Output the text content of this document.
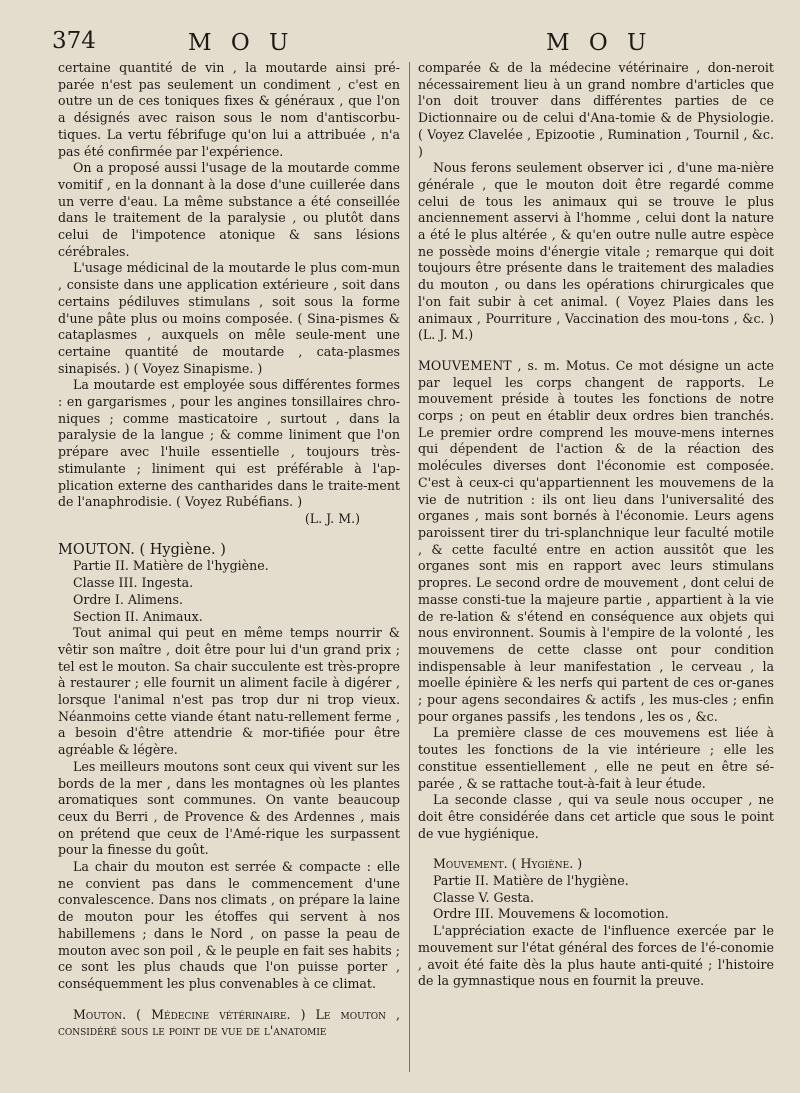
374	M O U	M O U

certaine quantité de vin , la moutarde ainsi pré-parée n'est pas seulement un condiment , c'est en outre un de ces toniques fixes & généraux , que l'on a désignés avec raison sous le nom d'antiscorbu-tiques. La vertu fébrifuge qu'on lui a attribuée , n'a pas été confirmée par l'expérience.

On a proposé aussi l'usage de la moutarde comme vomitif , en la donnant à la dose d'une cuillerée dans un verre d'eau. La même substance a été conseillée dans le traitement de la paralysie , ou plutôt dans celui de l'impotence atonique & sans lésions cérébrales.

L'usage médicinal de la moutarde le plus com-mun , consiste dans une application extérieure , soit dans certains pédiluves stimulans , soit sous la forme d'une pâte plus ou moins composée. ( Sina-pismes & cataplasmes , auxquels on mêle seule-ment une certaine quantité de moutarde , cata-plasmes sinapisés. ) ( Voyez Sinapisme. )

La moutarde est employée sous différentes formes : en gargarismes , pour les angines tonsillaires chro-niques ; comme masticatoire , surtout , dans la paralysie de la langue ; & comme liniment que l'on prépare avec l'huile essentielle , toujours très-stimulante ; liniment qui est préférable à l'ap-plication externe des cantharides dans le traite-ment de l'anaphrodisie. ( Voyez Rubéfians. )

(L. J. M.)

MOUTON. ( Hygiène. )

Partie II. Matière de l'hygiène.

Classe III. Ingesta.

Ordre I. Alimens.

Section II. Animaux.

Tout animal qui peut en même temps nourrir & vêtir son maître , doit être pour lui d'un grand prix ; tel est le mouton. Sa chair succulente est très-propre à restaurer ; elle fournit un aliment facile à digérer , lorsque l'animal n'est pas trop dur ni trop vieux. Néanmoins cette viande étant natu-rellement ferme , a besoin d'être attendrie & mor-tifiée pour être agréable & légère.

Les meilleurs moutons sont ceux qui vivent sur les bords de la mer , dans les montagnes où les plantes aromatiques sont communes. On vante beaucoup ceux du Berri , de Provence & des Ardennes , mais on prétend que ceux de l'Amé-rique les surpassent pour la finesse du goût.

La chair du mouton est serrée & compacte : elle ne convient pas dans le commencement d'une convalescence. Dans nos climats , on prépare la laine de mouton pour les étoffes qui servent à nos habillemens ; dans le Nord , on passe la peau de mouton avec son poil , & le peuple en fait ses habits ; ce sont les plus chauds que l'on puisse porter , conséquemment les plus convenables à ce climat.

Mouton. ( Médecine vétérinaire. ) Le mouton , considéré sous le point de vue de l'anatomie

comparée & de la médecine vétérinaire , don-neroit nécessairement lieu à un grand nombre d'articles que l'on doit trouver dans différentes parties de ce Dictionnaire ou de celui d'Ana-tomie & de Physiologie. ( Voyez Clavelée , Epizootie , Rumination , Tournil , &c. )

Nous ferons seulement observer ici , d'une ma-nière générale , que le mouton doit être regardé comme celui de tous les animaux qui se trouve le plus anciennement asservi à l'homme , celui dont la nature a été le plus altérée , & qu'en outre nulle autre espèce ne possède moins d'énergie vitale ; remarque qui doit toujours être présente dans le traitement des maladies du mouton , ou dans les opérations chirurgicales que l'on fait subir à cet animal. ( Voyez Plaies dans les animaux , Pourriture , Vaccination des mou-tons , &c. ) (L. J. M.)

MOUVEMENT , s. m. Motus. Ce mot désigne un acte par lequel les corps changent de rapports. Le mouvement préside à toutes les fonctions de notre corps ; on peut en établir deux ordres bien tranchés. Le premier ordre comprend les mouve-mens internes qui dépendent de l'action & de la réaction des molécules diverses dont l'économie est composée. C'est à ceux-ci qu'appartiennent les mouvemens de la vie de nutrition : ils ont lieu dans l'universalité des organes , mais sont bornés à l'économie. Leurs agens paroissent tirer du tri-splanchnique leur faculté motile , & cette faculté entre en action aussitôt que les organes sont mis en rapport avec leurs stimulans propres. Le second ordre de mouvement , dont celui de masse consti-tue la majeure partie , appartient à la vie de re-lation & s'étend en conséquence aux objets qui nous environnent. Soumis à l'empire de la volonté , les mouvemens de cette classe ont pour condition indispensable à leur manifestation , le cerveau , la moelle épinière & les nerfs qui partent de ces or-ganes ; pour agens secondaires & actifs , les mus-cles ; enfin pour organes passifs , les tendons , les os , &c.

La première classe de ces mouvemens est liée à toutes les fonctions de la vie intérieure ; elle les constitue essentiellement , elle ne peut en être sé-parée , & se rattache tout-à-fait à leur étude.

La seconde classe , qui va seule nous occuper , ne doit être considérée dans cet article que sous le point de vue hygiénique.

Mouvement. ( Hygiène. )

Partie II. Matière de l'hygiène.

Classe V. Gesta.

Ordre III. Mouvemens & locomotion.

L'appréciation exacte de l'influence exercée par le mouvement sur l'état général des forces de l'é-conomie , avoit été faite dès la plus haute anti-quité ; l'histoire de la gymnastique nous en fournit la preuve.
